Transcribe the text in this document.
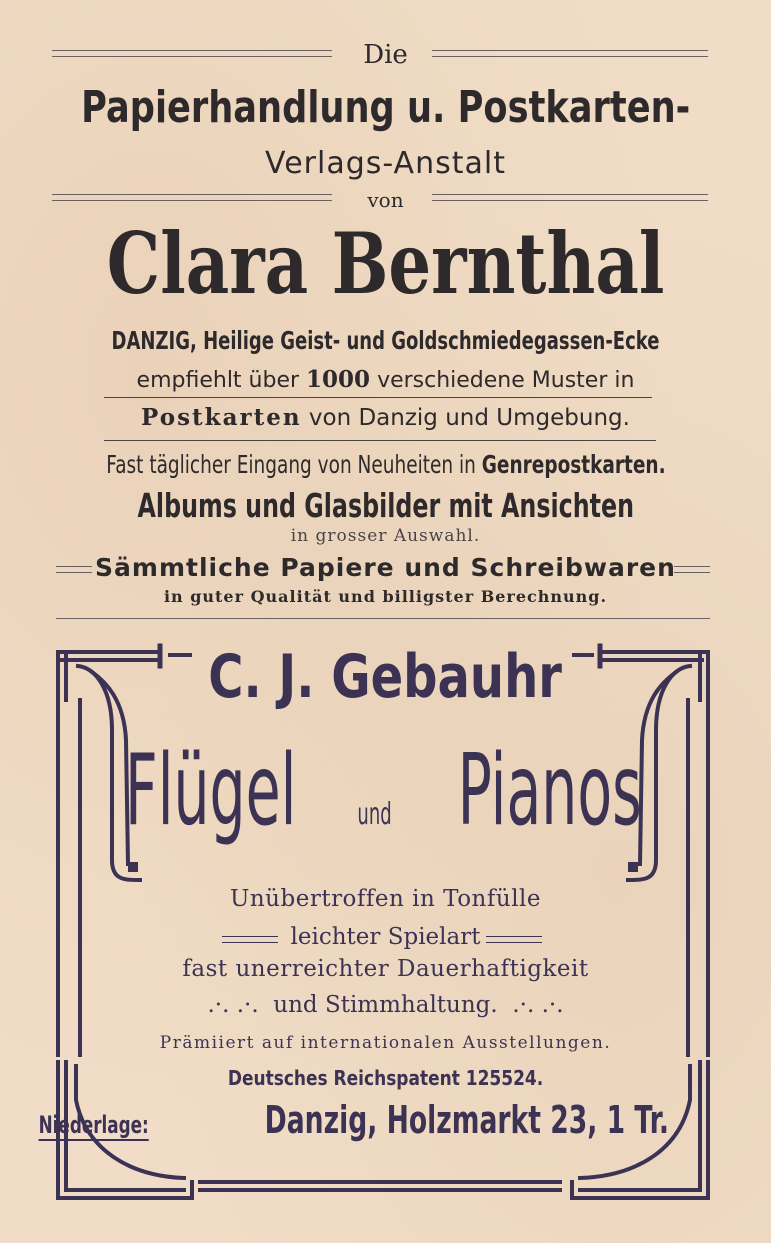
Die
Papierhandlung u. Postkarten-
Verlags-Anstalt
von
Clara Bernthal
DANZIG, Heilige Geist- und Goldschmiedegassen-Ecke
empfiehlt über 1000 verschiedene Muster in
Postkarten von Danzig und Umgebung.
Fast täglicher Eingang von Neuheiten in Genrepostkarten.
Albums und Glasbilder mit Ansichten
in grosser Auswahl.
Sämmtliche Papiere und Schreibwaren
in guter Qualität und billigster Berechnung.
C. J. Gebauhr
Flügel und Pianos
Unübertroffen in Tonfülle
leichter Spielart
fast unerreichter Dauerhaftigkeit
.·. .·. und Stimmhaltung. .·. .·.
Prämiiert auf internationalen Ausstellungen.
Deutsches Reichspatent 125524.
Niederlage:	Danzig, Holzmarkt 23, 1 Tr.
